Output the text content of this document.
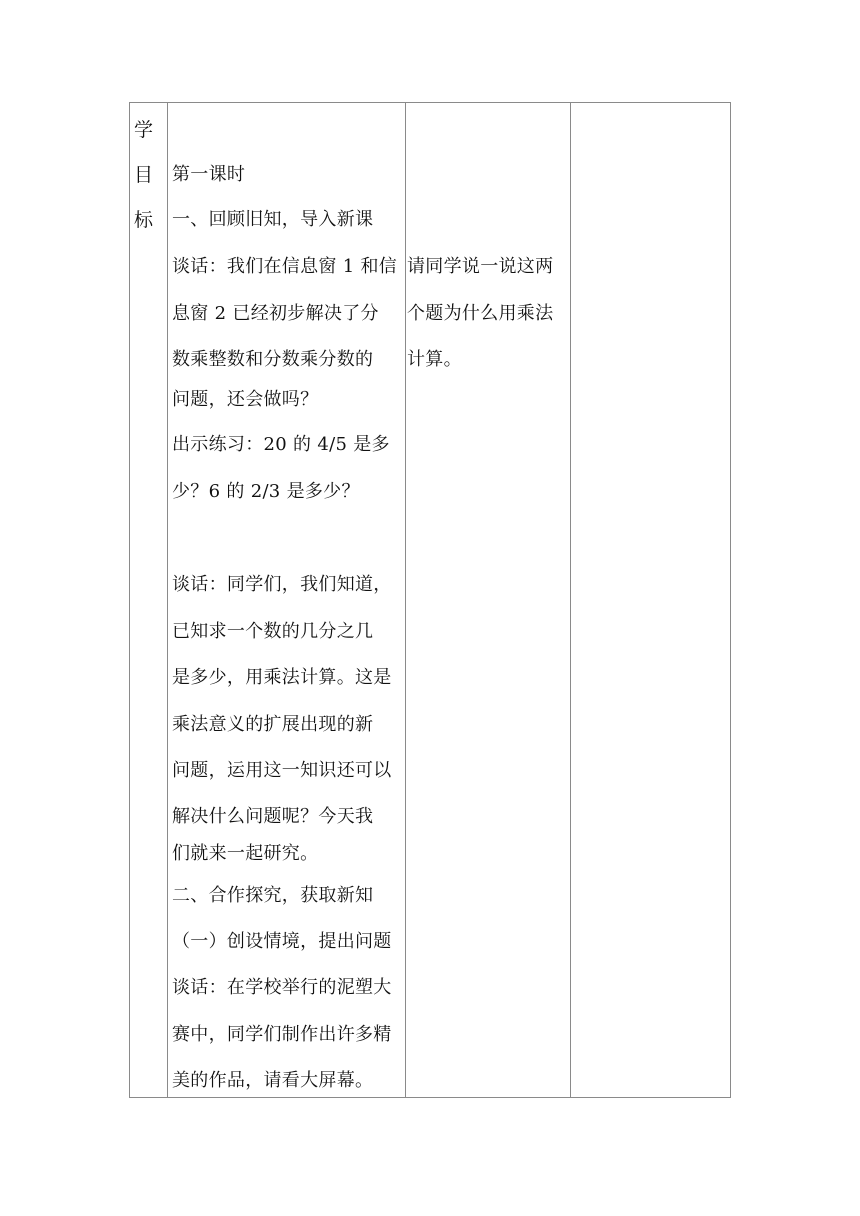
学
目
标
第一课时
一、回顾旧知，导入新课
谈话：我们在信息窗 1 和信
息窗 2 已经初步解决了分
数乘整数和分数乘分数的
问题，还会做吗？
出示练习：20 的 4/5 是多
少？6 的 2/3 是多少？
谈话：同学们，我们知道，
已知求一个数的几分之几
是多少，用乘法计算。这是
乘法意义的扩展出现的新
问题，运用这一知识还可以
解决什么问题呢？今天我
们就来一起研究。
二、合作探究，获取新知
（一）创设情境，提出问题
谈话：在学校举行的泥塑大
赛中，同学们制作出许多精
美的作品，请看大屏幕。
请同学说一说这两
个题为什么用乘法
计算。
